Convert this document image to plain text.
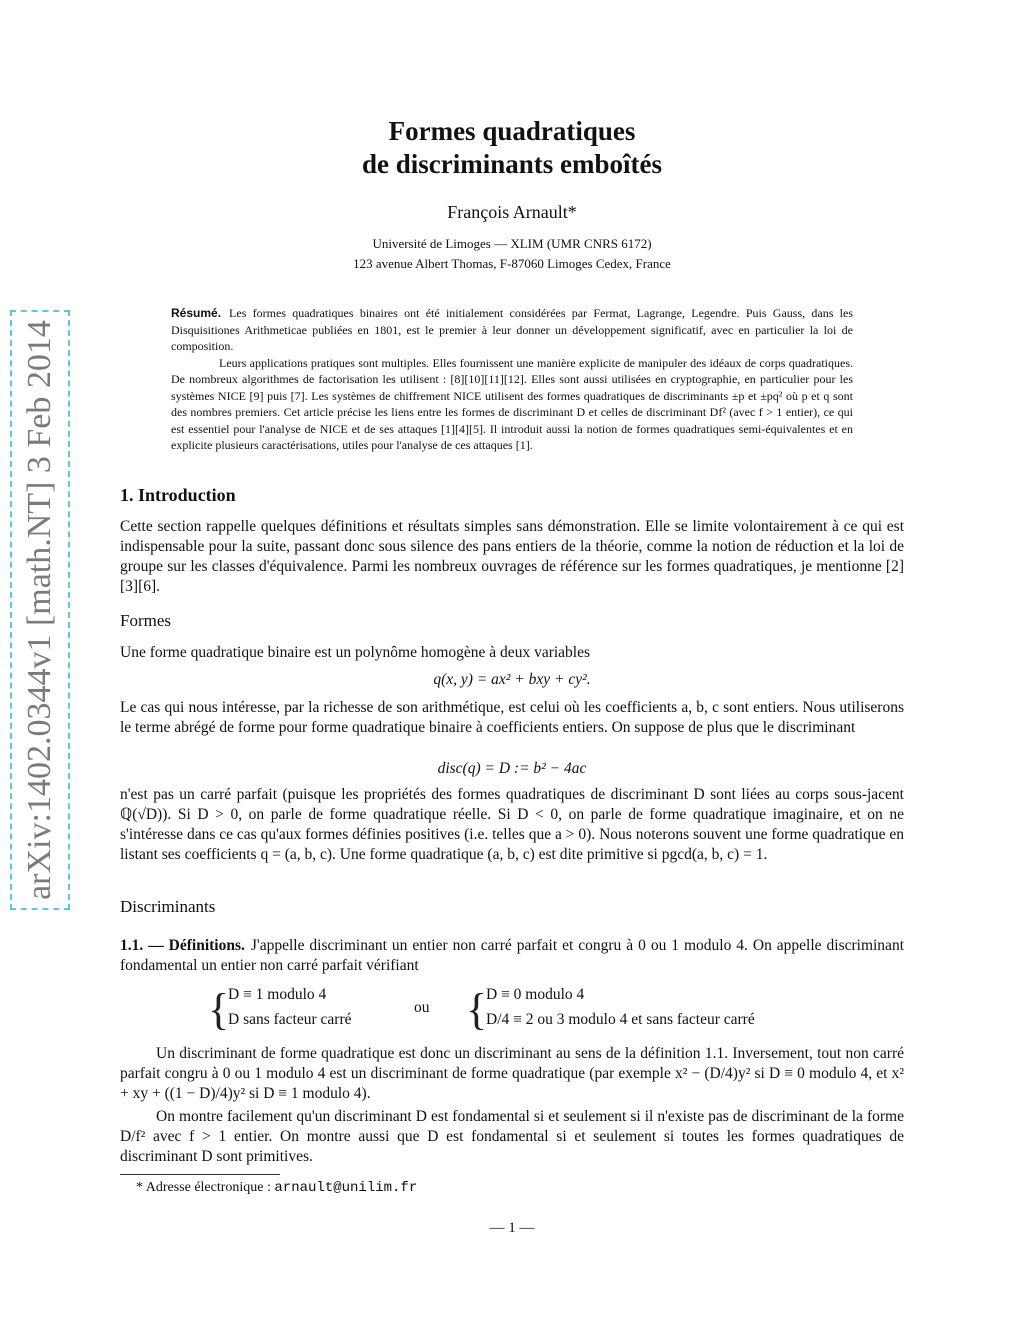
arXiv:1402.0344v1 [math.NT] 3 Feb 2014
Formes quadratiques
de discriminants emboîtés
François Arnault*
Université de Limoges — XLIM (UMR CNRS 6172)
123 avenue Albert Thomas, F-87060 Limoges Cedex, France

Résumé. Les formes quadratiques binaires ont été initialement considérées par Fermat, Lagrange, Legendre. Puis Gauss, dans les Disquisitiones Arithmeticae publiées en 1801, est le premier à leur donner un développement significatif, avec en particulier la loi de composition.

Leurs applications pratiques sont multiples. Elles fournissent une manière explicite de manipuler des idéaux de corps quadratiques. De nombreux algorithmes de factorisation les utilisent : [8][10][11][12]. Elles sont aussi utilisées en cryptographie, en particulier pour les systèmes NICE [9] puis [7]. Les systèmes de chiffrement NICE utilisent des formes quadratiques de discriminants ±p et ±pq² où p et q sont des nombres premiers. Cet article précise les liens entre les formes de discriminant D et celles de discriminant Df² (avec f > 1 entier), ce qui est essentiel pour l'analyse de NICE et de ses attaques [1][4][5]. Il introduit aussi la notion de formes quadratiques semi-équivalentes et en explicite plusieurs caractérisations, utiles pour l'analyse de ces attaques [1].

1. Introduction
Cette section rappelle quelques définitions et résultats simples sans démonstration. Elle se limite volontairement à ce qui est indispensable pour la suite, passant donc sous silence des pans entiers de la théorie, comme la notion de réduction et la loi de groupe sur les classes d'équivalence. Parmi les nombreux ouvrages de référence sur les formes quadratiques, je mentionne [2][3][6].
Formes
Une forme quadratique binaire est un polynôme homogène à deux variables
q(x, y) = ax² + bxy + cy².
Le cas qui nous intéresse, par la richesse de son arithmétique, est celui où les coefficients a, b, c sont entiers. Nous utiliserons le terme abrégé de forme pour forme quadratique binaire à coefficients entiers. On suppose de plus que le discriminant
disc(q) = D := b² − 4ac
n'est pas un carré parfait (puisque les propriétés des formes quadratiques de discriminant D sont liées au corps sous-jacent ℚ(√D)). Si D > 0, on parle de forme quadratique réelle. Si D < 0, on parle de forme quadratique imaginaire, et on ne s'intéresse dans ce cas qu'aux formes définies positives (i.e. telles que a > 0). Nous noterons souvent une forme quadratique en listant ses coefficients q = (a, b, c). Une forme quadratique (a, b, c) est dite primitive si pgcd(a, b, c) = 1.
Discriminants

1.1. — Définitions. J'appelle discriminant un entier non carré parfait et congru à 0 ou 1 modulo 4. On appelle discriminant fondamental un entier non carré parfait vérifiant

{
D ≡ 1 modulo 4
D sans facteur carré
ou {
D ≡ 0 modulo 4
D/4 ≡ 2 ou 3 modulo 4 et sans facteur carré
Un discriminant de forme quadratique est donc un discriminant au sens de la définition 1.1. Inversement, tout non carré parfait congru à 0 ou 1 modulo 4 est un discriminant de forme quadratique (par exemple x² − (D/4)y² si D ≡ 0 modulo 4, et x² + xy + ((1 − D)/4)y² si D ≡ 1 modulo 4).
On montre facilement qu'un discriminant D est fondamental si et seulement si il n'existe pas de discriminant de la forme D/f² avec f > 1 entier. On montre aussi que D est fondamental si et seulement si toutes les formes quadratiques de discriminant D sont primitives.
* Adresse électronique : arnault@unilim.fr
— 1 —
